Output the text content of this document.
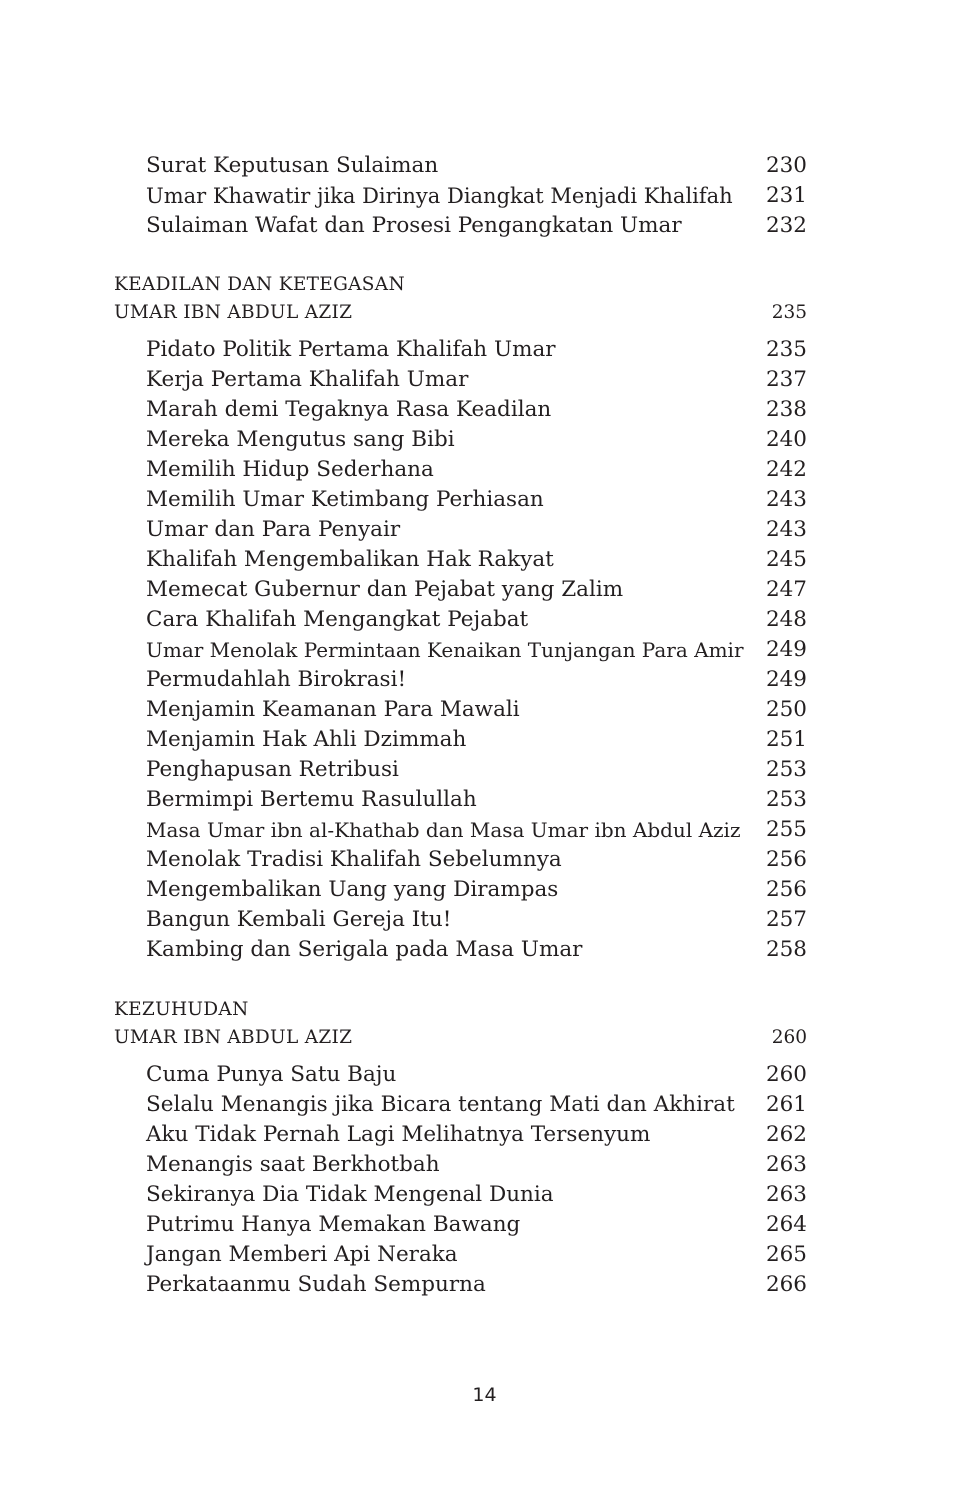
Surat Keputusan Sulaiman	230
Umar Khawatir jika Dirinya Diangkat Menjadi Khalifah 231
Sulaiman Wafat dan Prosesi Pengangkatan Umar	232
KEADILAN DAN KETEGASAN
UMAR IBN ABDUL AZIZ	235
Pidato Politik Pertama Khalifah Umar	235
Kerja Pertama Khalifah Umar	237
Marah demi Tegaknya Rasa Keadilan	238
Mereka Mengutus sang Bibi	240
Memilih Hidup Sederhana	242
Memilih Umar Ketimbang Perhiasan	243
Umar dan Para Penyair	243
Khalifah Mengembalikan Hak Rakyat	245
Memecat Gubernur dan Pejabat yang Zalim	247
Cara Khalifah Mengangkat Pejabat	248
Umar Menolak Permintaan Kenaikan Tunjangan Para Amir 249
Permudahlah Birokrasi!	249
Menjamin Keamanan Para Mawali	250
Menjamin Hak Ahli Dzimmah	251
Penghapusan Retribusi	253
Bermimpi Bertemu Rasulullah	253
Masa Umar ibn al-Khathab dan Masa Umar ibn Abdul Aziz 255
Menolak Tradisi Khalifah Sebelumnya	256
Mengembalikan Uang yang Dirampas	256
Bangun Kembali Gereja Itu!	257
Kambing dan Serigala pada Masa Umar	258
KEZUHUDAN
UMAR IBN ABDUL AZIZ	260
Cuma Punya Satu Baju	260
Selalu Menangis jika Bicara tentang Mati dan Akhirat 261
Aku Tidak Pernah Lagi Melihatnya Tersenyum	262
Menangis saat Berkhotbah	263
Sekiranya Dia Tidak Mengenal Dunia	263
Putrimu Hanya Memakan Bawang	264
Jangan Memberi Api Neraka	265
Perkataanmu Sudah Sempurna	266
14
